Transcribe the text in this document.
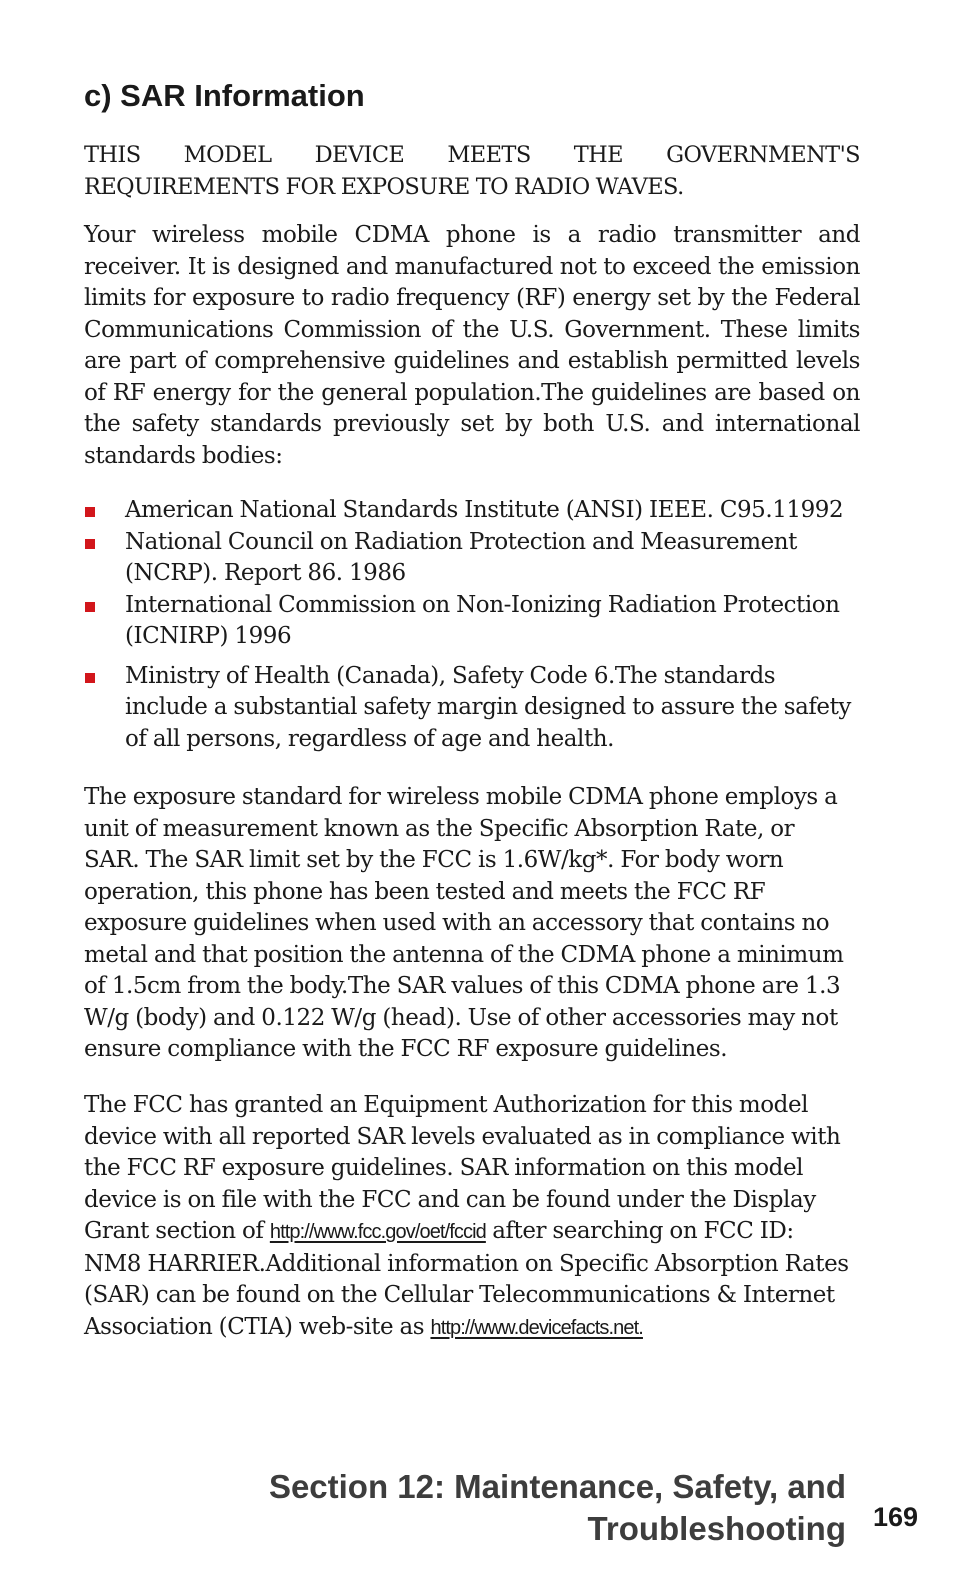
c) SAR Information

THIS MODEL DEVICE MEETS THE GOVERNMENT'S REQUIREMENTS FOR EXPOSURE TO RADIO WAVES.

Your wireless mobile CDMA phone is a radio transmitter and receiver. It is designed and manufactured not to exceed the emission limits for exposure to radio frequency (RF) energy set by the Federal Communications Commission of the U.S. Government. These limits are part of comprehensive guidelines and establish permitted levels of RF energy for the general population.The guidelines are based on the safety standards previously set by both U.S. and international standards bodies:

American National Standards Institute (ANSI) IEEE. C95.11992
National Council on Radiation Protection and Measurement (NCRP). Report 86. 1986
International Commission on Non-Ionizing Radiation Protection (ICNIRP) 1996
Ministry of Health (Canada), Safety Code 6.The standards include a substantial safety margin designed to assure the safety of all persons, regardless of age and health.

The exposure standard for wireless mobile CDMA phone employs a unit of measurement known as the Specific Absorption Rate, or SAR. The SAR limit set by the FCC is 1.6W/kg*. For body worn operation, this phone has been tested and meets the FCC RF exposure guidelines when used with an accessory that contains no metal and that position the antenna of the CDMA phone a minimum of 1.5cm from the body.The SAR values of this CDMA phone are 1.3 W/g (body) and 0.122 W/g (head). Use of other accessories may not ensure compliance with the FCC RF exposure guidelines.

The FCC has granted an Equipment Authorization for this model device with all reported SAR levels evaluated as in compliance with the FCC RF exposure guidelines. SAR information on this model device is on file with the FCC and can be found under the Display Grant section of http://www.fcc.gov/oet/fccid after searching on FCC ID: NM8 HARRIER.Additional information on Specific Absorption Rates (SAR) can be found on the Cellular Telecommunications & Internet Association (CTIA) web-site as http://www.devicefacts.net.

Section 12: Maintenance, Safety, and
Troubleshooting 169
